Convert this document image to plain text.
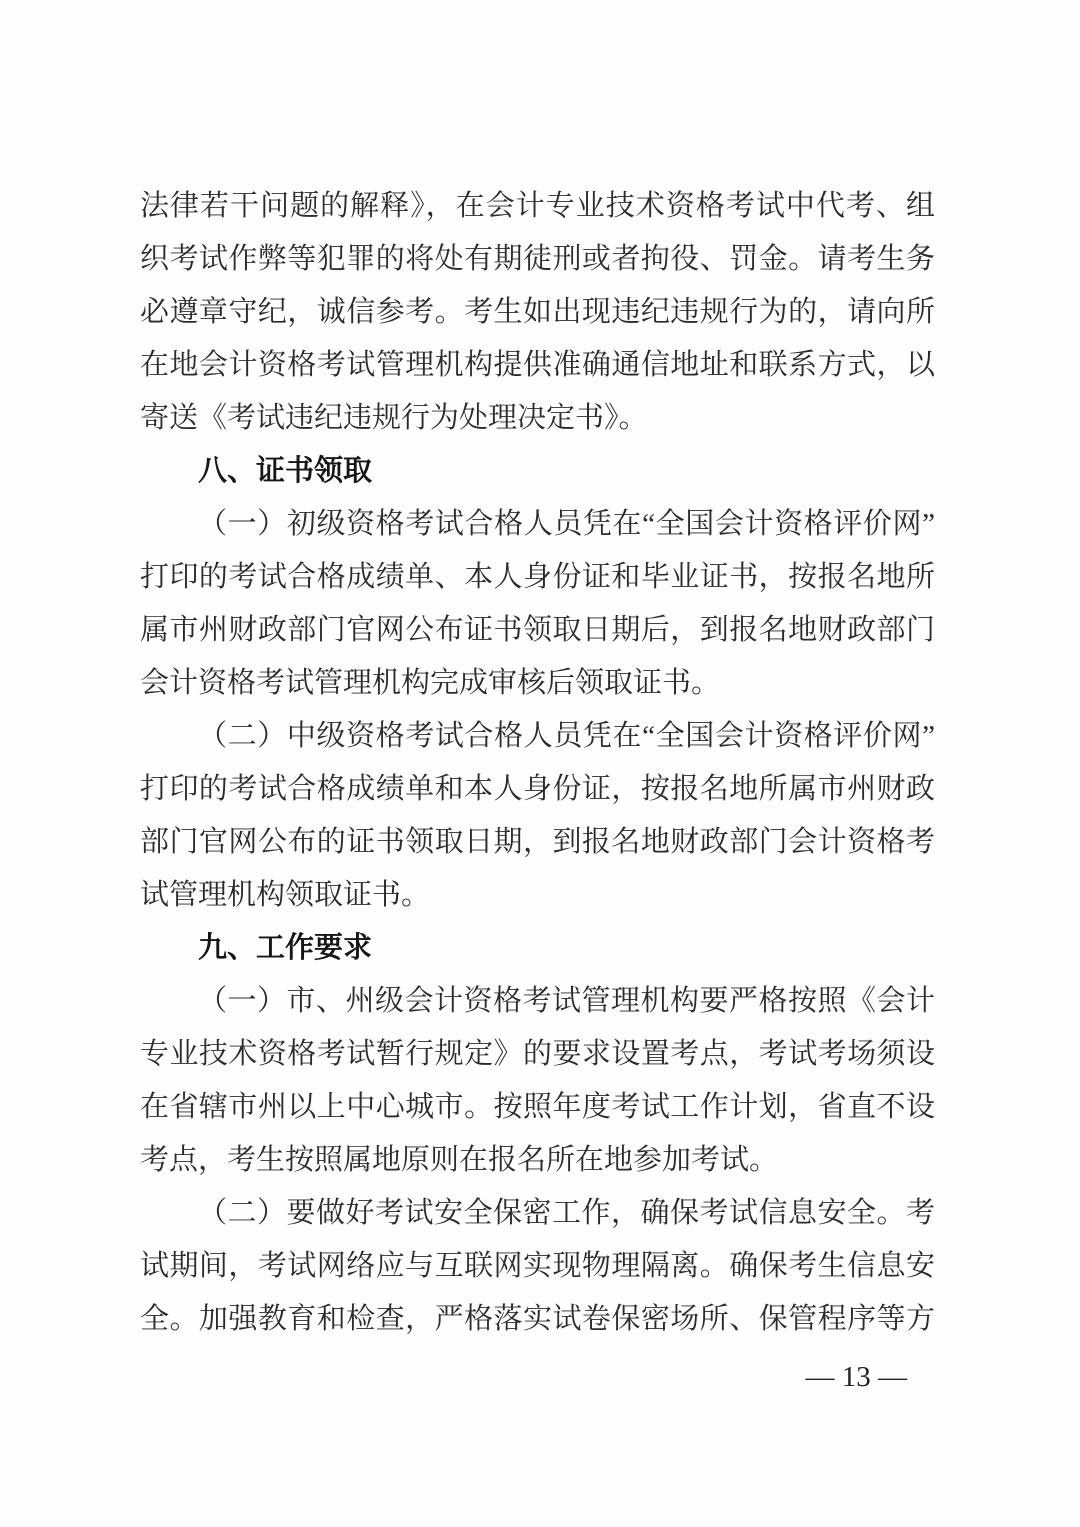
法律若干问题的解释》，在会计专业技术资格考试中代考、组
织考试作弊等犯罪的将处有期徒刑或者拘役、罚金。请考生务
必遵章守纪，诚信参考。考生如出现违纪违规行为的，请向所
在地会计资格考试管理机构提供准确通信地址和联系方式，以
寄送《考试违纪违规行为处理决定书》。
八、证书领取
（一）初级资格考试合格人员凭在“全国会计资格评价网”
打印的考试合格成绩单、本人身份证和毕业证书，按报名地所
属市州财政部门官网公布证书领取日期后，到报名地财政部门
会计资格考试管理机构完成审核后领取证书。
（二）中级资格考试合格人员凭在“全国会计资格评价网”
打印的考试合格成绩单和本人身份证，按报名地所属市州财政
部门官网公布的证书领取日期，到报名地财政部门会计资格考
试管理机构领取证书。
九、工作要求
（一）市、州级会计资格考试管理机构要严格按照《会计
专业技术资格考试暂行规定》的要求设置考点，考试考场须设
在省辖市州以上中心城市。按照年度考试工作计划，省直不设
考点，考生按照属地原则在报名所在地参加考试。
（二）要做好考试安全保密工作，确保考试信息安全。考
试期间，考试网络应与互联网实现物理隔离。确保考生信息安
全。加强教育和检查，严格落实试卷保密场所、保管程序等方
— 13 —
